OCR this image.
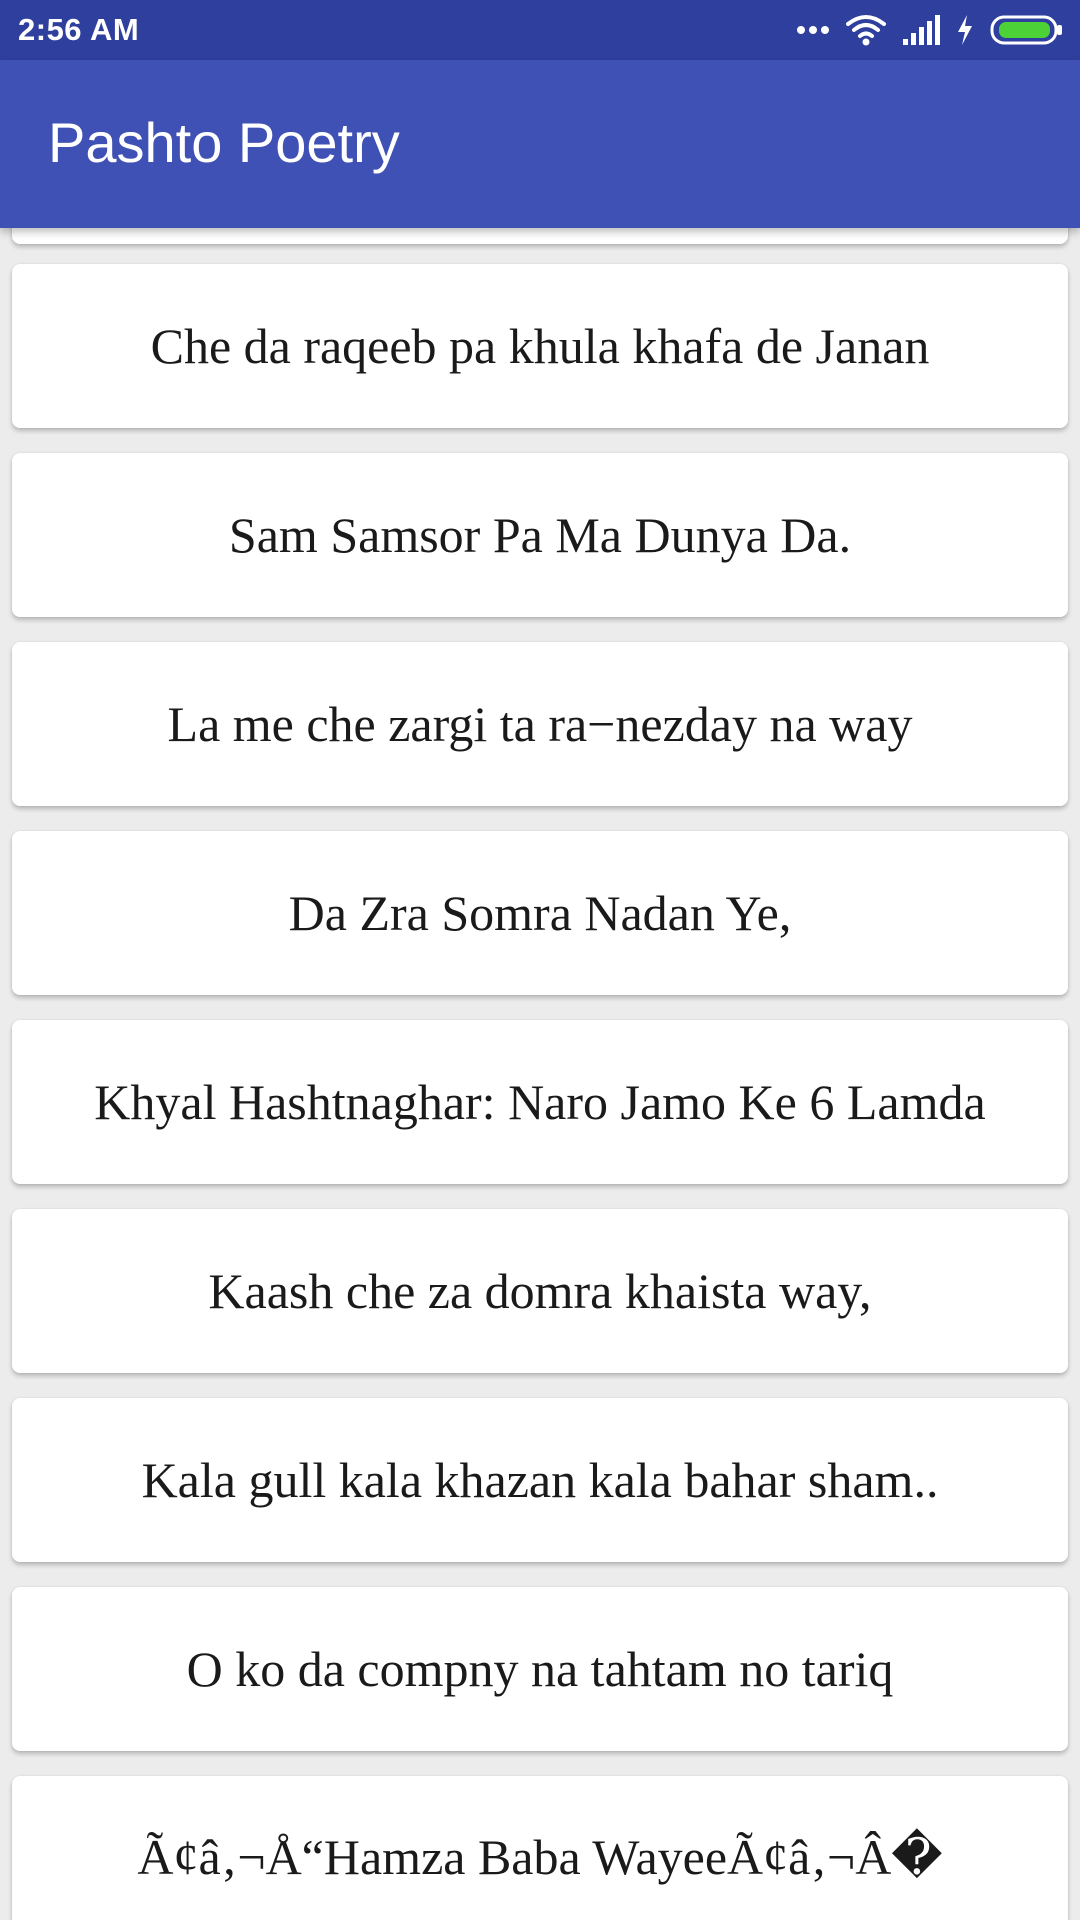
2:56 AM
Pashto Poetry
Che da raqeeb pa khula khafa de Janan
Sam Samsor Pa Ma Dunya Da.
La me che zargi ta ra−nezday na way
Da Zra Somra Nadan Ye,
Khyal Hashtnaghar: Naro Jamo Ke 6 Lamda
Kaash che za domra khaista way,
Kala gull kala khazan kala bahar sham..
O ko da compny na tahtam no tariq
Ã¢â‚¬Å“Hamza Baba WayeeÃ¢â‚¬Â�
